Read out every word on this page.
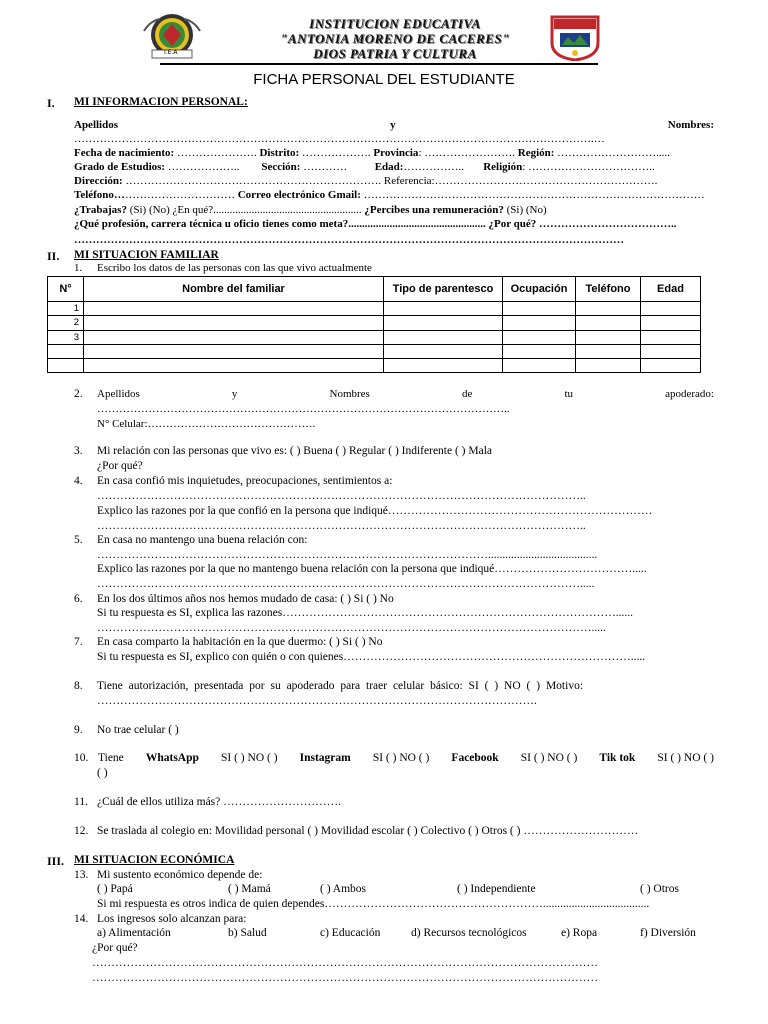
I.E.A
INSTITUCION EDUCATIVA
"ANTONIA MORENO DE CACERES"
DIOS PATRIA Y CULTURA
FICHA PERSONAL DEL ESTUDIANTE
I. MI INFORMACION PERSONAL:
Apellidos	y	Nombres:
…………………………………………………………………………………………………………………………….…
Fecha de nacimiento: …………………. Distrito: ………………. Provincia: ……………………. Región: ……………………….....
Grado de Estudios: ……………….. Sección: …………	Edad:…………….. Religión: ……………………………..
Dirección: ……………………………………………………………. Referencia:…………………………………………………….
Teléfono…………………………… Correo electrónico Gmail: …………………………………………………………………………………
¿Trabajas? (Si) (No) ¿En qué?...................................................... ¿Percibes una remuneración? (Si) (No)
¿Qué profesión, carrera técnica u oficio tienes como meta?.................................................. ¿Por qué? ………………………………..
……………………………………………………………………………………………………………………………………
II. MI SITUACION FAMILIAR
1. Escribo los datos de las personas con las que vivo actualmente
N°	Nombre del familiar	Tipo de parentesco	Ocupación	Teléfono	Edad
1					
2					
3					

2. Apellidos	y	Nombres	de	tu	apoderado:
…………………………………………………………………………………………………..
N° Celular:……………………………………….
3. Mi relación con las personas que vivo es: ( ) Buena ( ) Regular ( ) Indiferente ( ) Mala
¿Por qué?
4. En casa confió mis inquietudes, preocupaciones, sentimientos a:
………………………………………………………………………………………………………………..
Explico las razones por la que confió en la persona que indiqué……………………………………………………………
………………………………………………………………………………………………………………..
5. En casa no mantengo una buena relación con:
…………………………………………………………………………………………......................................
Explico las razones por la que no mantengo buena relación con la persona que indiqué……………………………….....
……………………………………………………………………………………………………………….....
6. En los dos últimos años nos hemos mudado de casa: ( ) Si ( ) No
Si tu respuesta es SI, explica las razones……………………………………………………………………………......
………………………………………………………………………………………………………………….....
7. En casa comparto la habitación en la que duermo: ( ) Si ( ) No
Si tu respuesta es SI, explico con quién o con quienes………………………………………………………………….....
8. Tiene autorización, presentada por su apoderado para traer celular básico: SI ( ) NO ( ) Motivo:
…………………………………………………………………………………………………….
9. No trae celular ( )
10. Tiene WhatsApp SI ( ) NO ( ) Instagram SI ( ) NO ( ) Facebook SI ( ) NO ( ) Tik tok SI ( ) NO ( )
( )
11. ¿Cuál de ellos utiliza más? ………………………….
12. Se traslada al colegio en: Movilidad personal ( ) Movilidad escolar ( ) Colectivo ( ) Otros ( ) …………………………
III. MI SITUACION ECONÓMICA
13. Mi sustento económico depende de:
( ) Papá	( ) Mamá	( ) Ambos	( ) Independiente	( ) Otros
Si mi respuesta es otros indica de quien dependes………………………………………………….....................................
14. Los ingresos solo alcanzan para:
a) Alimentación	b) Salud	c) Educación	d) Recursos tecnológicos	e) Ropa	f) Diversión
¿Por qué?
……………………………………………………………………………………………………………………
……………………………………………………………………………………………………………………
